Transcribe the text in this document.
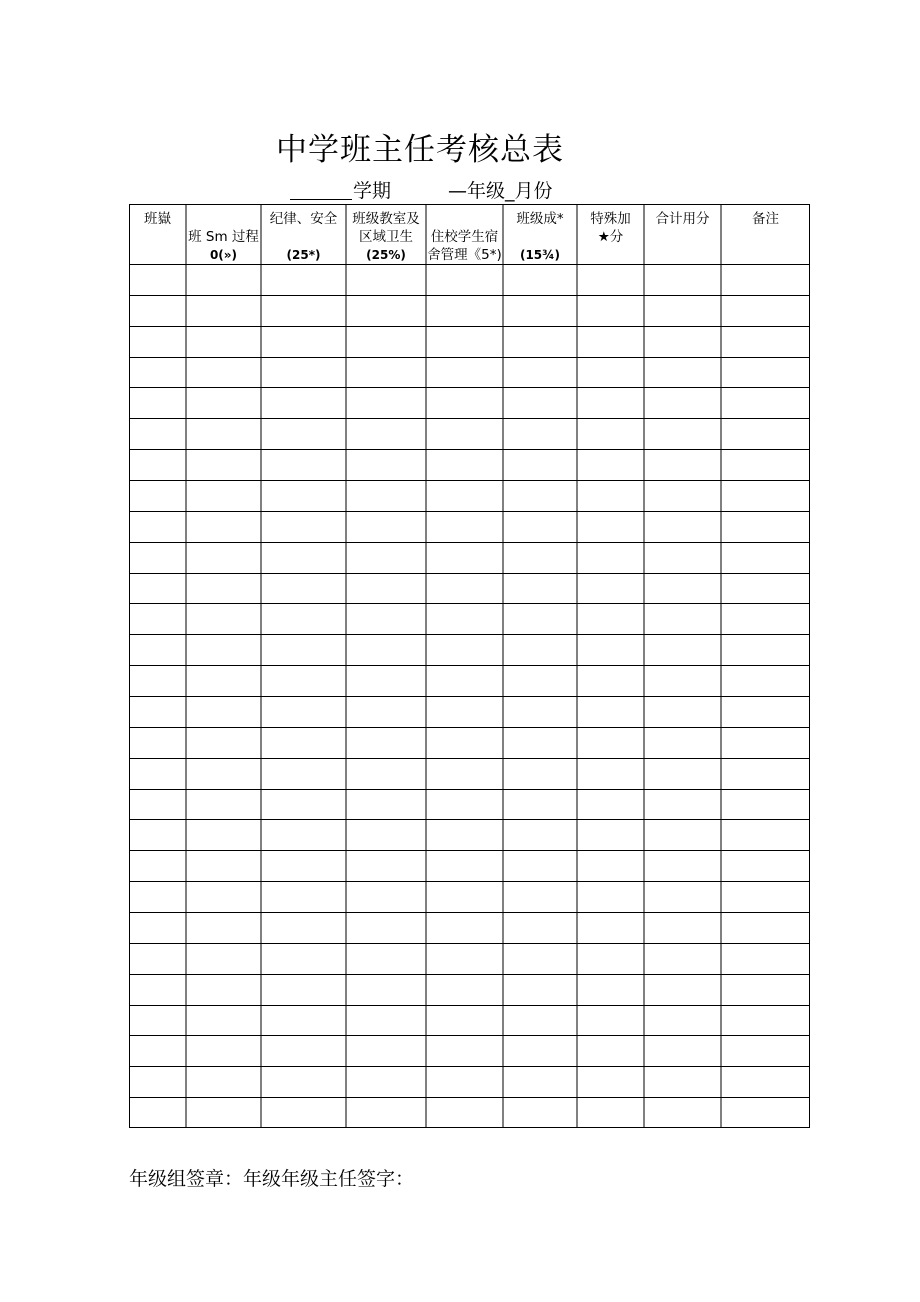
中学班主任考核总表
学期	—年级_月份
班嶽
班 Sm 过程
0(»)
纪律、安全
(25*)
班级教室及
区域卫生
(25%)
住校学生宿
舍管理《5*)
班级成*
(15¾)
特殊加
★分
合计用分	备注
年级组签章：年级年级主任签字：
